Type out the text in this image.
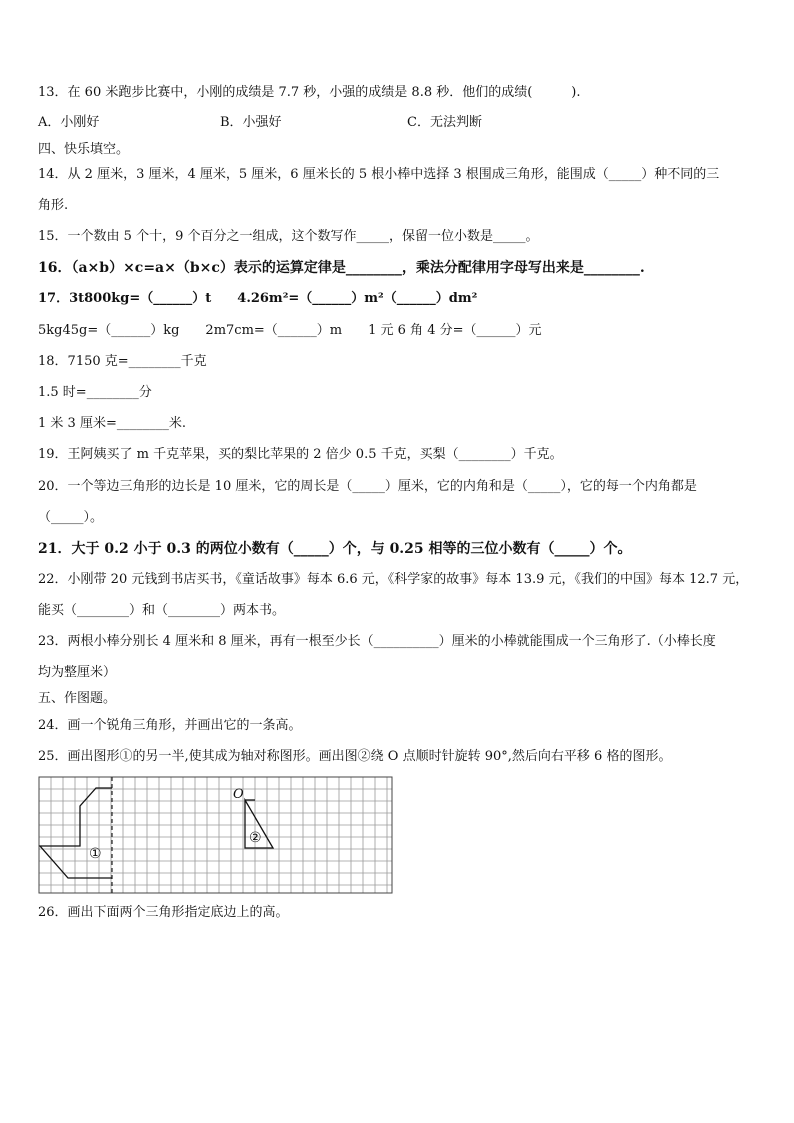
13．在 60 米跑步比赛中，小刚的成绩是 7.7 秒，小强的成绩是 8.8 秒．他们的成绩(　　　).
A．小刚好	B．小强好	C．无法判断
四、快乐填空。
14．从 2 厘米，3 厘米，4 厘米，5 厘米，6 厘米长的 5 根小棒中选择 3 根围成三角形，能围成（_____）种不同的三
角形.
15．一个数由 5 个十，9 个百分之一组成，这个数写作_____，保留一位小数是_____。
16．（a×b）×c=a×（b×c）表示的运算定律是________，乘法分配律用字母写出来是________.
17．3t800kg=（______）t　　4.26m²=（______）m²（______）dm²
5kg45g=（______）kg　　2m7cm=（______）m　　1 元 6 角 4 分=（______）元
18．7150 克=________千克
1.5 时=________分
1 米 3 厘米=________米.
19．王阿姨买了 m 千克苹果，买的梨比苹果的 2 倍少 0.5 千克，买梨（________）千克。
20．一个等边三角形的边长是 10 厘米，它的周长是（_____）厘米，它的内角和是（_____），它的每一个内角都是
（_____）。
21．大于 0.2 小于 0.3 的两位小数有（_____）个，与 0.25 相等的三位小数有（_____）个。
22．小刚带 20 元钱到书店买书，《童话故事》每本 6.6 元，《科学家的故事》每本 13.9 元，《我们的中国》每本 12.7 元，
能买（________）和（________）两本书。
23．两根小棒分别长 4 厘米和 8 厘米，再有一根至少长（__________）厘米的小棒就能围成一个三角形了.（小棒长度
均为整厘米）
五、作图题。
24．画一个锐角三角形，并画出它的一条高。
25．画出图形①的另一半,使其成为轴对称图形。画出图②绕 O 点顺时针旋转 90°,然后向右平移 6 格的图形。
①
②
O
26．画出下面两个三角形指定底边上的高。
